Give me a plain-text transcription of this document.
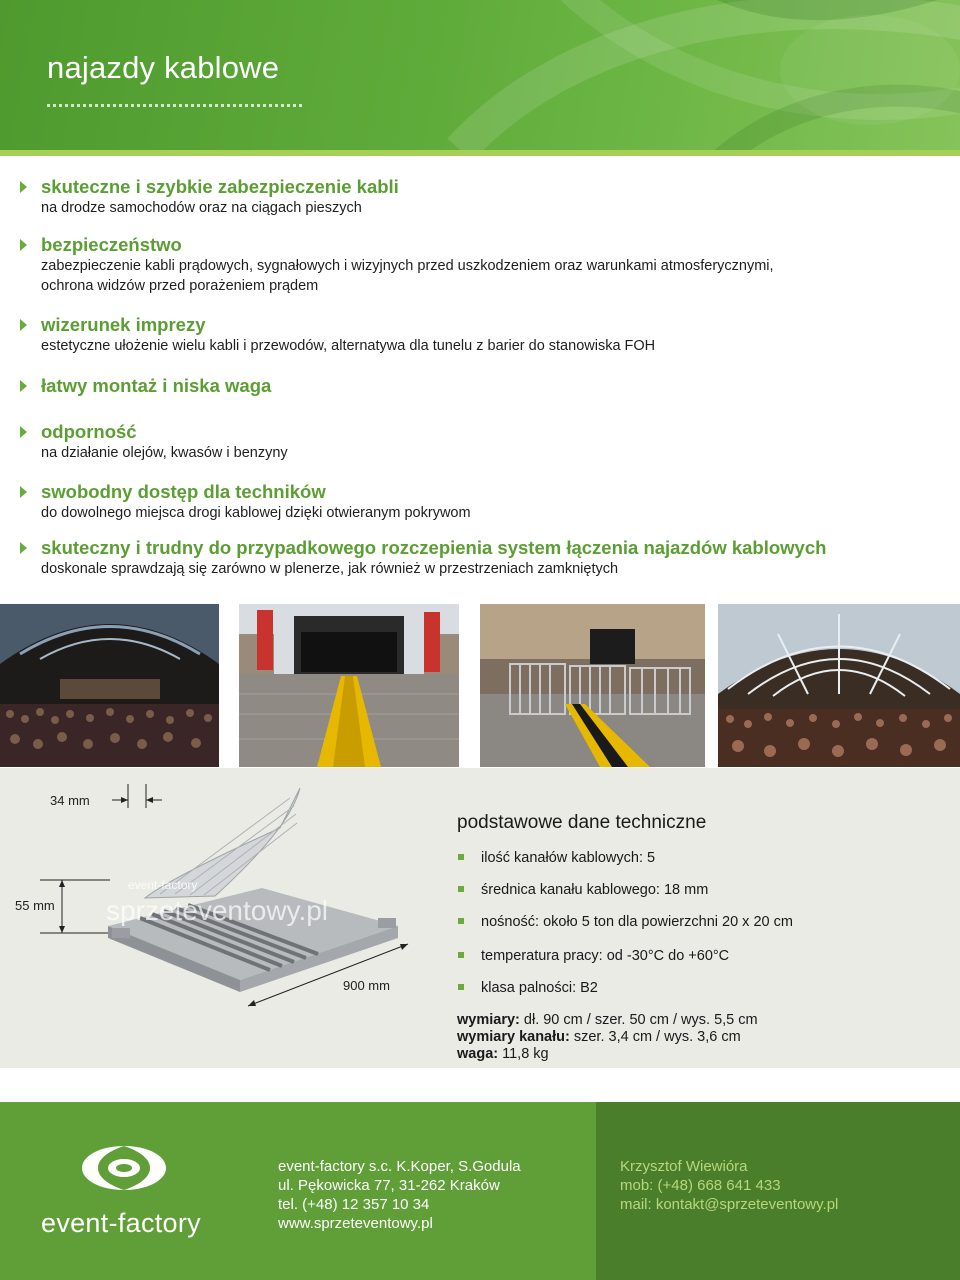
najazdy kablowe
skuteczne i szybkie zabezpieczenie kabli

na drodze samochodów oraz na ciągach pieszych

bezpieczeństwo

zabezpieczenie kabli prądowych, sygnałowych i wizyjnych przed uszkodzeniem oraz warunkami atmosferycznymi,

ochrona widzów przed porażeniem prądem

wizerunek imprezy

estetyczne ułożenie wielu kabli i przewodów, alternatywa dla tunelu z barier do stanowiska FOH

łatwy montaż i niska waga
odporność

na działanie olejów, kwasów i benzyny

swobodny dostęp dla techników

do dowolnego miejsca drogi kablowej dzięki otwieranym pokrywom

skuteczny i trudny do przypadkowego rozczepienia system łączenia najazdów kablowych

doskonale sprawdzają się zarówno w plenerze, jak również w przestrzeniach zamkniętych

34 mm
55 mm
900 mm
event-factory
sprzeteventowy.pl
podstawowe dane techniczne
ilość kanałów kablowych: 5
średnica kanału kablowego: 18 mm
nośność: około 5 ton dla powierzchni 20 x 20 cm
temperatura pracy: od -30°C do +60°C
klasa palności: B2
wymiary: dł. 90 cm / szer. 50 cm / wys. 5,5 cm
wymiary kanału: szer. 3,4 cm / wys. 3,6 cm
waga: 11,8 kg
event-factory
event-factory s.c. K.Koper, S.Godula
ul. Pękowicka 77, 31-262 Kraków
tel. (+48) 12 357 10 34
www.sprzeteventowy.pl
Krzysztof Wiewióra
mob: (+48) 668 641 433
mail: kontakt@sprzeteventowy.pl
